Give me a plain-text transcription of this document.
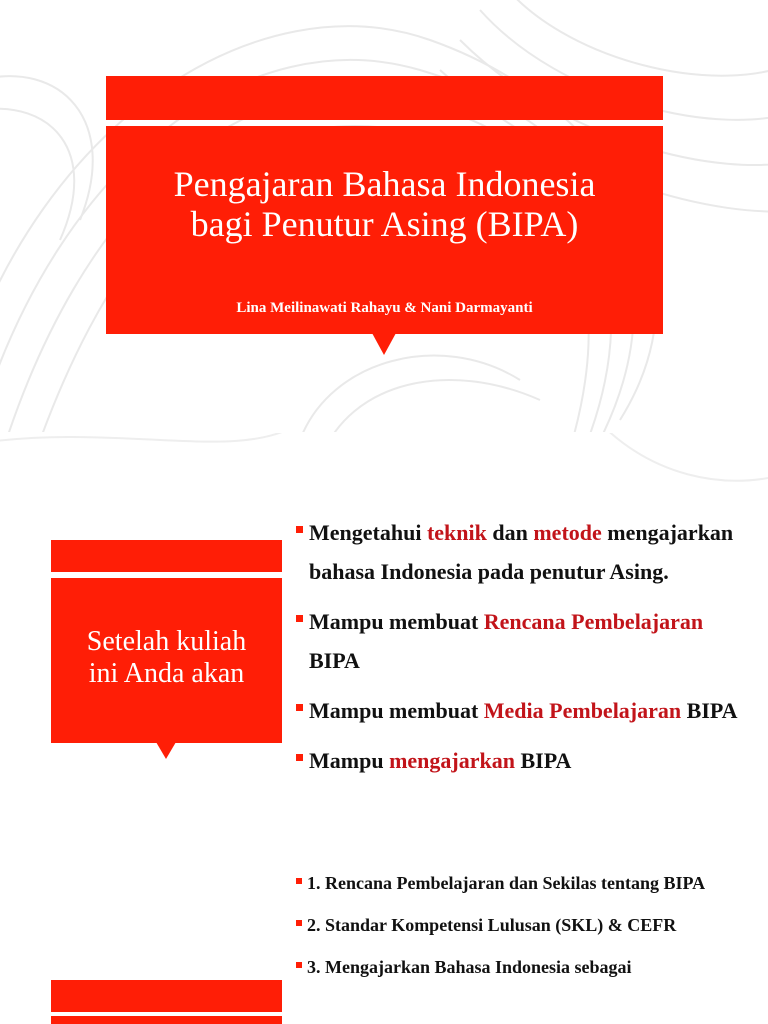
Pengajaran Bahasa Indonesia
bagi Penutur Asing (BIPA)

Lina Meilinawati Rahayu & Nani Darmayanti

Setelah kuliah
ini Anda akan
Mengetahui teknik dan metode mengajarkan bahasa Indonesia pada penutur Asing.
Mampu membuat Rencana Pembelajaran BIPA
Mampu membuat Media Pembelajaran BIPA
Mampu mengajarkan BIPA
1. Rencana Pembelajaran dan Sekilas tentang BIPA
2. Standar Kompetensi Lulusan (SKL) & CEFR
3. Mengajarkan Bahasa Indonesia sebagai
